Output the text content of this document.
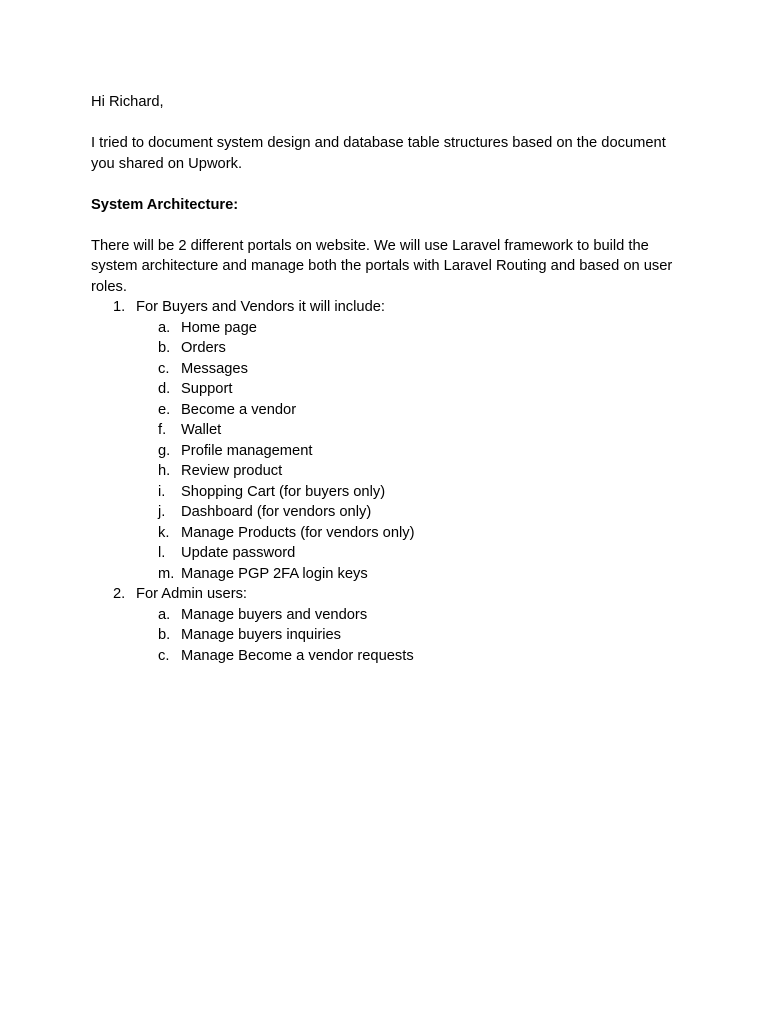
Hi Richard,

I tried to document system design and database table structures based on the document you shared on Upwork.

System Architecture:

There will be 2 different portals on website. We will use Laravel framework to build the system architecture and manage both the portals with Laravel Routing and based on user roles.

1. For Buyers and Vendors it will include:
a. Home page
b. Orders
c. Messages
d. Support
e. Become a vendor
f. Wallet
g. Profile management
h. Review product
i. Shopping Cart (for buyers only)
j. Dashboard (for vendors only)
k. Manage Products (for vendors only)
l. Update password
m. Manage PGP 2FA login keys
2. For Admin users:
a. Manage buyers and vendors
b. Manage buyers inquiries
c. Manage Become a vendor requests
